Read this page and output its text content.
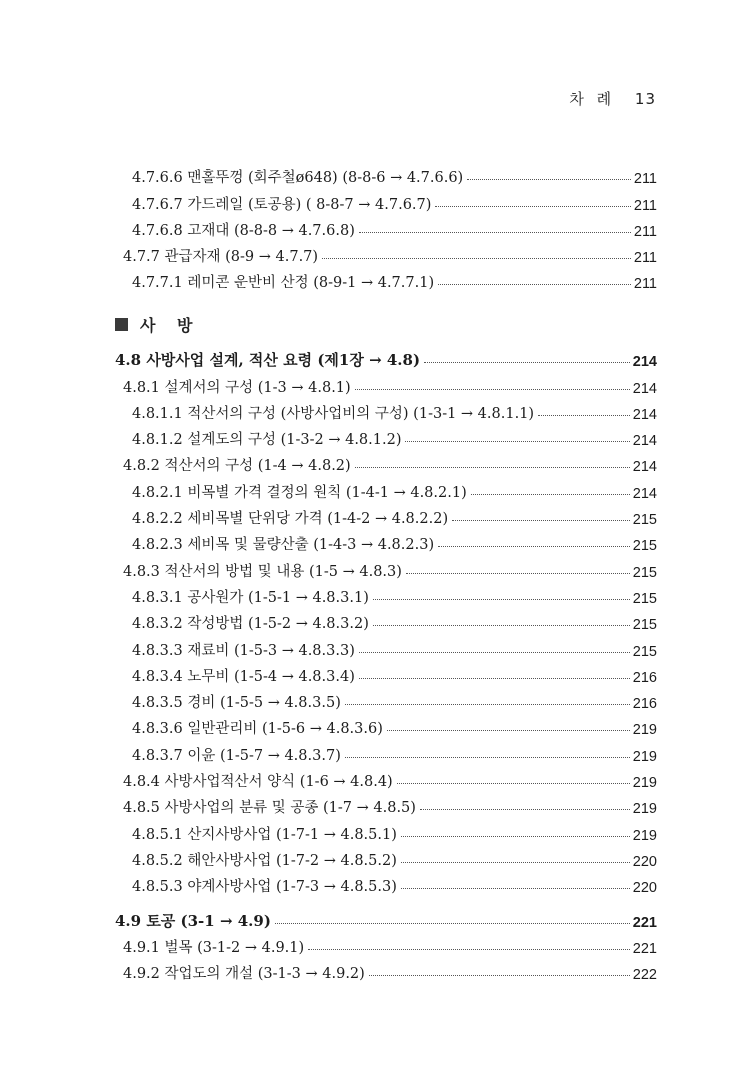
차 례 13
4.7.6.6 맨홀뚜껑 (회주철ø648) (8-8-6 → 4.7.6.6)	211
4.7.6.7 가드레일 (토공용) ( 8-8-7 → 4.7.6.7)	211
4.7.6.8 고재대 (8-8-8 → 4.7.6.8)	211
4.7.7 관급자재 (8-9 → 4.7.7)	211
4.7.7.1 레미콘 운반비 산정 (8-9-1 → 4.7.7.1)	211
사 방
4.8 사방사업 설계, 적산 요령 (제1장 → 4.8)	214
4.8.1 설계서의 구성 (1-3 → 4.8.1)	214
4.8.1.1 적산서의 구성 (사방사업비의 구성) (1-3-1 → 4.8.1.1)	214
4.8.1.2 설계도의 구성 (1-3-2 → 4.8.1.2)	214
4.8.2 적산서의 구성 (1-4 → 4.8.2)	214
4.8.2.1 비목별 가격 결정의 원칙 (1-4-1 → 4.8.2.1)	214
4.8.2.2 세비목별 단위당 가격 (1-4-2 → 4.8.2.2)	215
4.8.2.3 세비목 및 물량산출 (1-4-3 → 4.8.2.3)	215
4.8.3 적산서의 방법 및 내용 (1-5 → 4.8.3)	215
4.8.3.1 공사원가 (1-5-1 → 4.8.3.1)	215
4.8.3.2 작성방법 (1-5-2 → 4.8.3.2)	215
4.8.3.3 재료비 (1-5-3 → 4.8.3.3)	215
4.8.3.4 노무비 (1-5-4 → 4.8.3.4)	216
4.8.3.5 경비 (1-5-5 → 4.8.3.5)	216
4.8.3.6 일반관리비 (1-5-6 → 4.8.3.6)	219
4.8.3.7 이윤 (1-5-7 → 4.8.3.7)	219
4.8.4 사방사업적산서 양식 (1-6 → 4.8.4)	219
4.8.5 사방사업의 분류 및 공종 (1-7 → 4.8.5)	219
4.8.5.1 산지사방사업 (1-7-1 → 4.8.5.1)	219
4.8.5.2 해안사방사업 (1-7-2 → 4.8.5.2)	220
4.8.5.3 야계사방사업 (1-7-3 → 4.8.5.3)	220
4.9 토공 (3-1 → 4.9)	221
4.9.1 벌목 (3-1-2 → 4.9.1)	221
4.9.2 작업도의 개설 (3-1-3 → 4.9.2)	222
